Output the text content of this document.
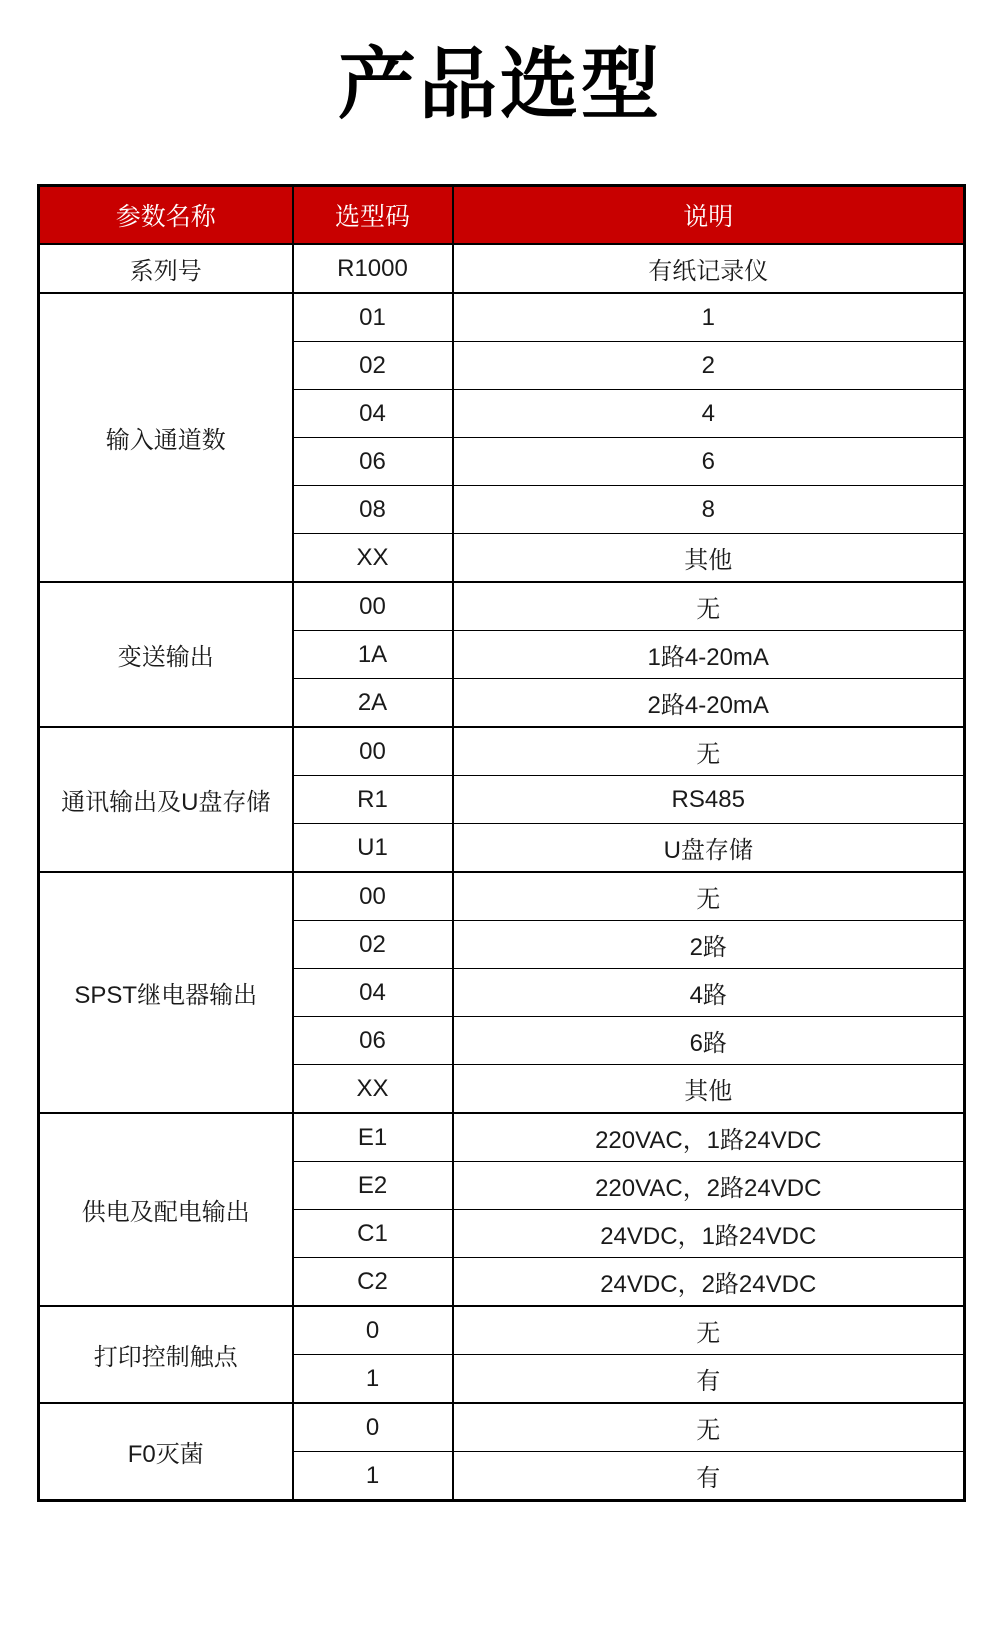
产品选型
参数名称	选型码	说明
系列号	R1000	有纸记录仪
输入通道数	01	1
	02	2
	04	4
	06	6
	08	8
	XX	其他
变送输出	00	无
	1A	1路4-20mA
	2A	2路4-20mA
通讯输出及U盘存储	00	无
	R1	RS485
	U1	U盘存储
SPST继电器输出	00	无
	02	2路
	04	4路
	06	6路
	XX	其他
供电及配电输出	E1	220VAC，1路24VDC
	E2	220VAC，2路24VDC
	C1	24VDC，1路24VDC
	C2	24VDC，2路24VDC
打印控制触点	0	无
	1	有
F0灭菌	0	无
	1	有
